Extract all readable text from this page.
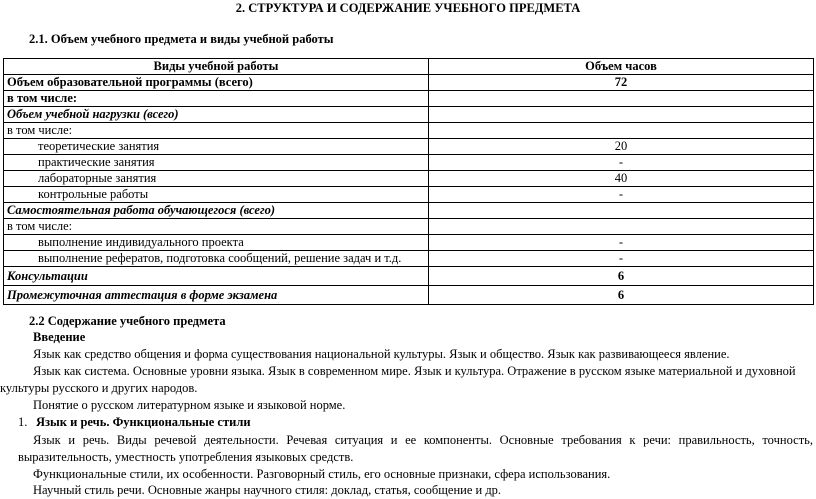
2. СТРУКТУРА И СОДЕРЖАНИЕ УЧЕБНОГО ПРЕДМЕТА
2.1. Объем учебного предмета и виды учебной работы
Виды учебной работы	Объем часов
Объем образовательной программы (всего)	72
в том числе:	
Объем учебной нагрузки (всего)	
в том числе:	
теоретические занятия	20
практические занятия	-
лабораторные занятия	40
контрольные работы	-
Самостоятельная работа обучающегося (всего)	
в том числе:	
выполнение индивидуального проекта	-
выполнение рефератов, подготовка сообщений, решение задач и т.д.	-
Консультации	6
Промежуточная аттестация в форме экзамена	6
2.2 Содержание учебного предмета
Введение
Язык как средство общения и форма существования национальной культуры. Язык и общество. Язык как развивающееся явление.
Язык как система. Основные уровни языка. Язык в современном мире. Язык и культура. Отражение в русском языке материальной и духовной
культуры русского и других народов.
Понятие о русском литературном языке и языковой норме.
1. Язык и речь. Функциональные стили
Язык и речь. Виды речевой деятельности. Речевая ситуация и ее компоненты. Основные требования к речи: правильность, точность,
выразительность, уместность употребления языковых средств.
Функциональные стили, их особенности. Разговорный стиль, его основные признаки, сфера использования.
Научный стиль речи. Основные жанры научного стиля: доклад, статья, сообщение и др.
